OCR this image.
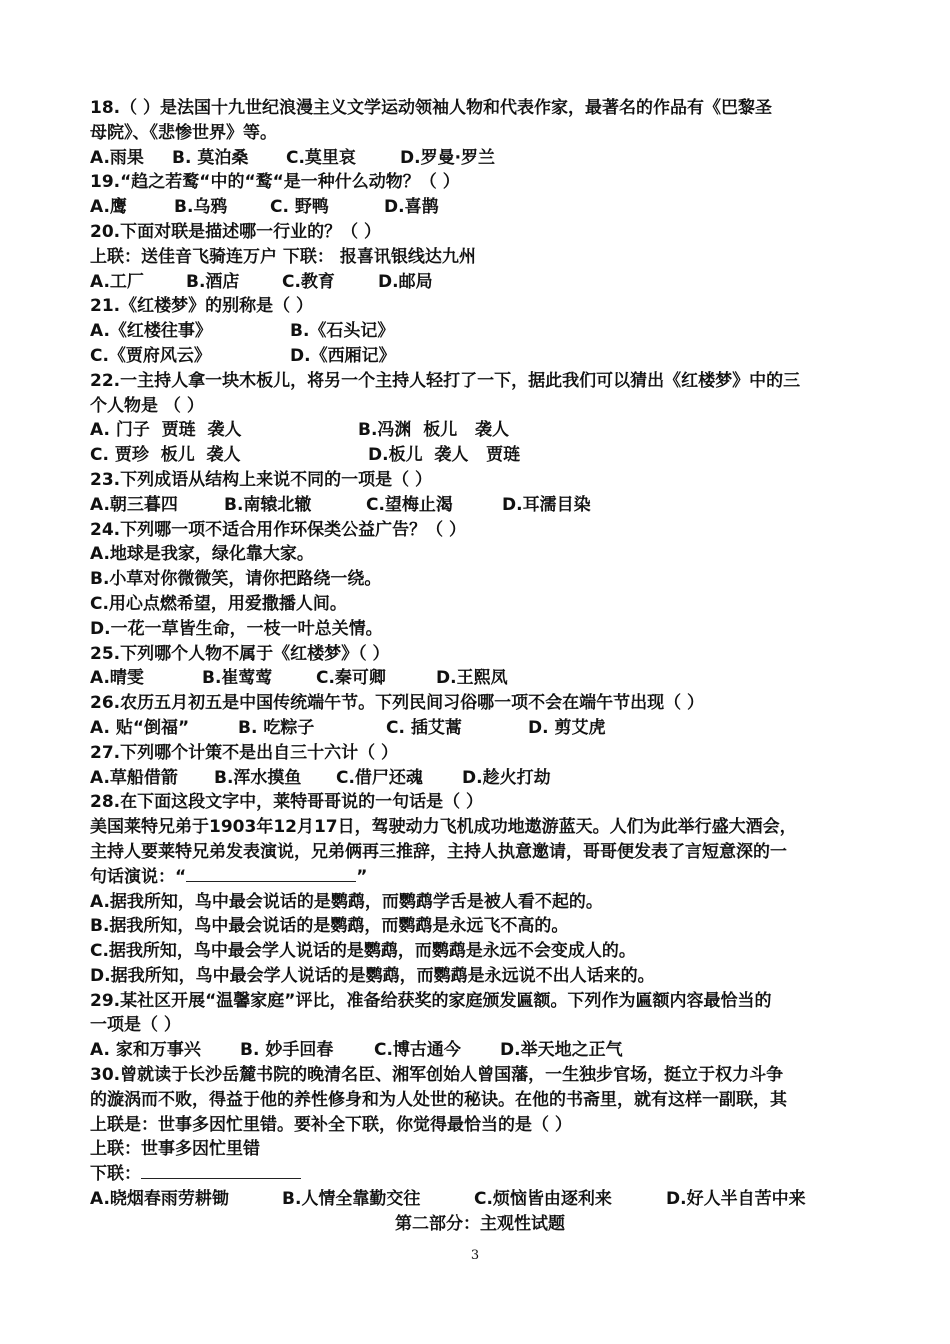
18.（ ）是法国十九世纪浪漫主义文学运动领袖人物和代表作家，最著名的作品有《巴黎圣
母院》、《悲惨世界》等。
A.雨果	B. 莫泊桑	C.莫里哀	D.罗曼·罗兰
19.“趋之若鹜“中的“鹜“是一种什么动物？（ ）
A.鹰	B.乌鸦	C. 野鸭	D.喜鹊
20.下面对联是描述哪一行业的？（ ）
上联：送佳音飞骑连万户 下联： 报喜讯银线达九州
A.工厂	B.酒店	C.教育	D.邮局
21.《红楼梦》的别称是（ ）
A.《红楼往事》	B.《石头记》
C.《贾府风云》	D.《西厢记》
22.一主持人拿一块木板儿，将另一个主持人轻打了一下，据此我们可以猜出《红楼梦》中的三
个人物是 （ ）
A. 门子  贾琏  袭人	B.冯渊  板儿   袭人
C. 贾珍  板儿  袭人	D.板儿  袭人   贾琏
23.下列成语从结构上来说不同的一项是（ ）
A.朝三暮四	B.南辕北辙	C.望梅止渴	D.耳濡目染
24.下列哪一项不适合用作环保类公益广告？（ ）
A.地球是我家，绿化靠大家。
B.小草对你微微笑，请你把路绕一绕。
C.用心点燃希望，用爱撒播人间。
D.一花一草皆生命，一枝一叶总关情。
25.下列哪个人物不属于《红楼梦》（ ）
A.晴雯	B.崔莺莺	C.秦可卿	D.王熙凤
26.农历五月初五是中国传统端午节。下列民间习俗哪一项不会在端午节出现（ ）
A. 贴“倒福”	B. 吃粽子	C. 插艾蒿	D. 剪艾虎
27.下列哪个计策不是出自三十六计（ ）
A.草船借箭	B.浑水摸鱼	C.借尸还魂	D.趁火打劫
28.在下面这段文字中，莱特哥哥说的一句话是（ ）
美国莱特兄弟于1903年12月17日，驾驶动力飞机成功地遨游蓝天。人们为此举行盛大酒会，
主持人要莱特兄弟发表演说，兄弟俩再三推辞，主持人执意邀请，哥哥便发表了言短意深的一
句话演说：“	”
A.据我所知，鸟中最会说话的是鹦鹉，而鹦鹉学舌是被人看不起的。
B.据我所知，鸟中最会说话的是鹦鹉，而鹦鹉是永远飞不高的。
C.据我所知，鸟中最会学人说话的是鹦鹉，而鹦鹉是永远不会变成人的。
D.据我所知，鸟中最会学人说话的是鹦鹉，而鹦鹉是永远说不出人话来的。
29.某社区开展“温馨家庭”评比，准备给获奖的家庭颁发匾额。下列作为匾额内容最恰当的
一项是（ ）
A. 家和万事兴	B. 妙手回春	C.博古通今	D.举天地之正气
30.曾就读于长沙岳麓书院的晚清名臣、湘军创始人曾国藩，一生独步官场，挺立于权力斗争
的漩涡而不败，得益于他的养性修身和为人处世的秘诀。在他的书斋里，就有这样一副联，其
上联是：世事多因忙里错。要补全下联，你觉得最恰当的是（ ）
上联：世事多因忙里错
下联：
A.晓烟春雨劳耕锄	B.人情全靠勤交往	C.烦恼皆由逐利来	D.好人半自苦中来
第二部分：主观性试题
3
